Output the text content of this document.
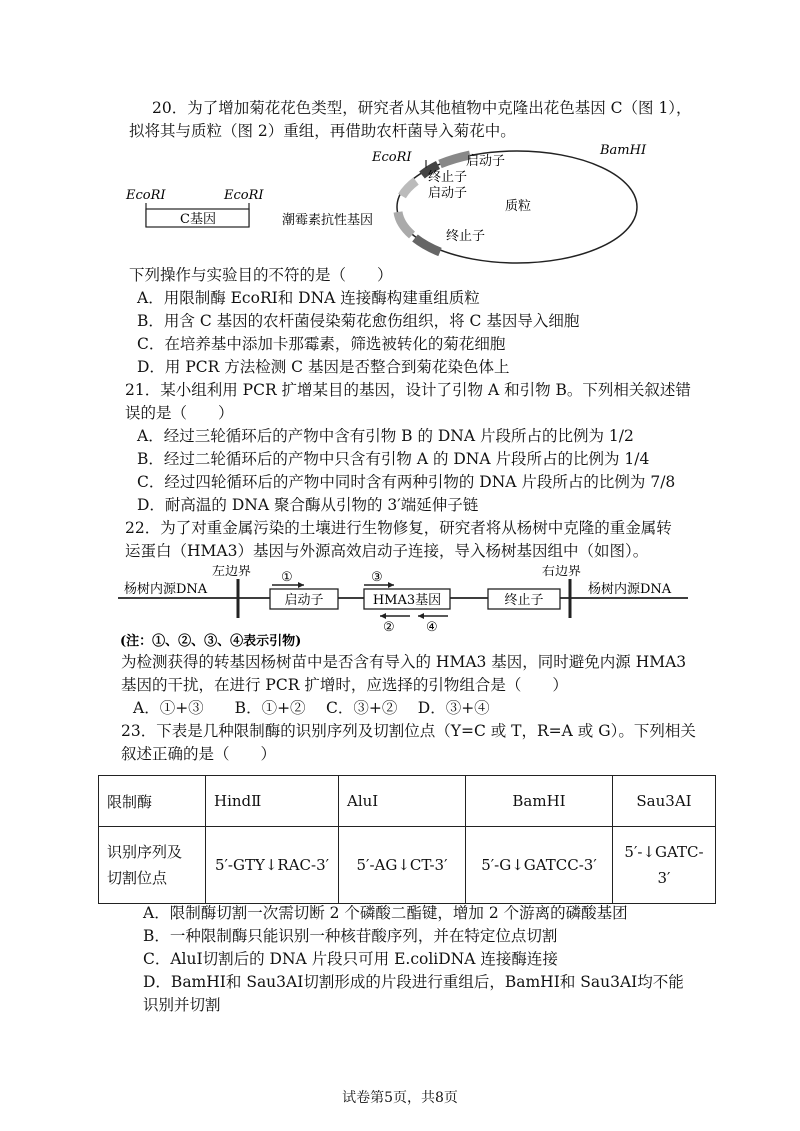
20．为了增加菊花花色类型，研究者从其他植物中克隆出花色基因 C（图 1），
拟将其与质粒（图 2）重组，再借助农杆菌导入菊花中。
EcoRⅠ	EcoRⅠ
C基因
EcoRⅠ	BamHⅠ
启动子
终止子
启动子
质粒
潮霉素抗性基因
终止子
下列操作与实验目的不符的是（　　）
A．用限制酶 EcoRⅠ和 DNA 连接酶构建重组质粒
B．用含 C 基因的农杆菌侵染菊花愈伤组织，将 C 基因导入细胞
C．在培养基中添加卡那霉素，筛选被转化的菊花细胞
D．用 PCR 方法检测 C 基因是否整合到菊花染色体上
21．某小组利用 PCR 扩增某目的基因，设计了引物 A 和引物 B。下列相关叙述错
误的是（　　）
A．经过三轮循环后的产物中含有引物 B 的 DNA 片段所占的比例为 1/2
B．经过二轮循环后的产物中只含有引物 A 的 DNA 片段所占的比例为 1/4
C．经过四轮循环后的产物中同时含有两种引物的 DNA 片段所占的比例为 7/8
D．耐高温的 DNA 聚合酶从引物的 3′端延伸子链
22．为了对重金属污染的土壤进行生物修复，研究者将从杨树中克隆的重金属转
运蛋白（HMA3）基因与外源高效启动子连接，导入杨树基因组中（如图）。
左边界	右边界
杨树内源DNA	杨树内源DNA
启动子	HMA3基因	终止子
①	③
② ④
(注：①、②、③、④表示引物)
为检测获得的转基因杨树苗中是否含有导入的 HMA3 基因，同时避免内源 HMA3
基因的干扰，在进行 PCR 扩增时，应选择的引物组合是（　　）
A．①+③　　B．①+②　 C．③+②　 D．③+④
23．下表是几种限制酶的识别序列及切割位点（Y=C 或 T，R=A 或 G）。下列相关
叙述正确的是（　　）
限制酶	HindⅡ	AluⅠ	BamHⅠ	Sau3AⅠ

识别序列及
切割位点	5′-GTY↓RAC-3′	5′-AG↓CT-3′	5′-G↓GATCC-3′	5′-↓GATC-3′
A．限制酶切割一次需切断 2 个磷酸二酯键，增加 2 个游离的磷酸基团
B．一种限制酶只能识别一种核苷酸序列，并在特定位点切割
C．AluⅠ切割后的 DNA 片段只可用 E.coliDNA 连接酶连接
D．BamHⅠ和 Sau3AⅠ切割形成的片段进行重组后，BamHⅠ和 Sau3AⅠ均不能
识别并切割
试卷第5页，共8页
